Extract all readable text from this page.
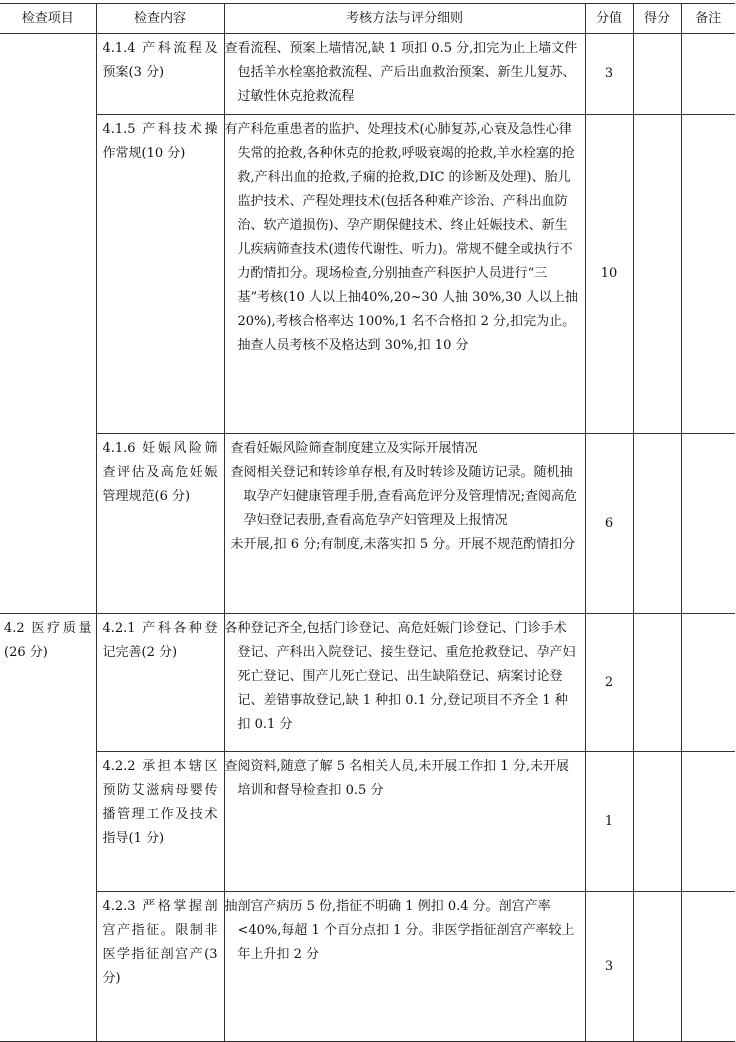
检查项目	检查内容	考核方法与评分细则	分值	得分	备注
	4.1.4 产科流程及预案(3 分)	查看流程、预案上墙情况,缺 1 项扣 0.5 分,扣完为止上墙文件包括羊水栓塞抢救流程、产后出血救治预案、新生儿复苏、过敏性休克抢救流程	3		
	4.1.5 产科技术操作常规(10 分)	有产科危重患者的监护、处理技术(心肺复苏,心衰及急性心律失常的抢救,各种休克的抢救,呼吸衰竭的抢救,羊水栓塞的抢救,产科出血的抢救,子痫的抢救,DIC 的诊断及处理)、胎儿监护技术、产程处理技术(包括各种难产诊治、产科出血防治、软产道损伤)、孕产期保健技术、终止妊娠技术、新生儿疾病筛查技术(遗传代谢性、听力)。常规不健全或执行不力酌情扣分。现场检查,分别抽查产科医护人员进行“三基”考核(10 人以上抽40%,20~30 人抽 30%,30 人以上抽 20%),考核合格率达 100%,1 名不合格扣 2 分,扣完为止。抽查人员考核不及格达到 30%,扣 10 分	10		
	4.1.6 妊娠风险筛查评估及高危妊娠管理规范(6 分)	查看妊娠风险筛查制度建立及实际开展情况

查阅相关登记和转诊单存根,有及时转诊及随访记录。随机抽取孕产妇健康管理手册,查看高危评分及管理情况;查阅高危孕妇登记表册,查看高危孕产妇管理及上报情况

未开展,扣 6 分;有制度,未落实扣 5 分。开展不规范酌情扣分	6		
4.2 医疗质量(26 分)	4.2.1 产科各种登记完善(2 分)	各种登记齐全,包括门诊登记、高危妊娠门诊登记、门诊手术登记、产科出入院登记、接生登记、重危抢救登记、孕产妇死亡登记、围产儿死亡登记、出生缺陷登记、病案讨论登记、差错事故登记,缺 1 种扣 0.1 分,登记项目不齐全 1 种扣 0.1 分	2		
	4.2.2 承担本辖区预防艾滋病母婴传播管理工作及技术指导(1 分)	查阅资料,随意了解 5 名相关人员,未开展工作扣 1 分,未开展培训和督导检查扣 0.5 分	1		
	4.2.3 严格掌握剖宫产指征。限制非医学指征剖宫产(3 分)	抽剖宫产病历 5 份,指征不明确 1 例扣 0.4 分。剖宫产率<40%,每超 1 个百分点扣 1 分。非医学指征剖宫产率较上年上升扣 2 分	3		
